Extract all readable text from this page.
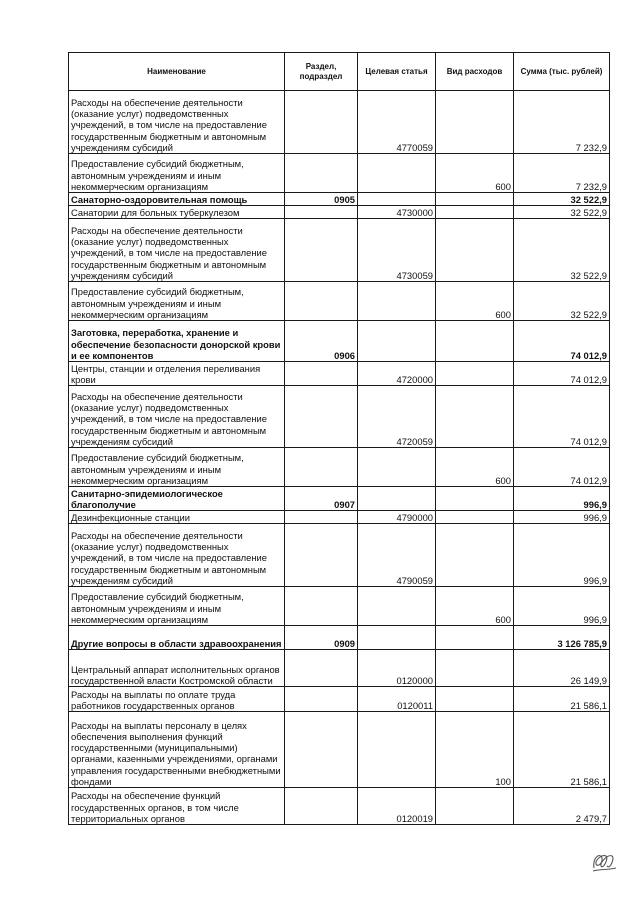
Наименование	Раздел, подраздел	Целевая статья	Вид расходов	Сумма (тыс. рублей)
Расходы на обеспечение деятельности (оказание услуг) подведомственных учреждений, в том числе на предоставление государственным бюджетным и автономным учреждениям субсидий		4770059		7 232,9
Предоставление субсидий бюджетным, автономным учреждениям и иным некоммерческим организациям			600	7 232,9
Санаторно-оздоровительная помощь	0905			32 522,9
Санатории для больных туберкулезом		4730000		32 522,9
Расходы на обеспечение деятельности (оказание услуг) подведомственных учреждений, в том числе на предоставление государственным бюджетным и автономным учреждениям субсидий		4730059		32 522,9
Предоставление субсидий бюджетным, автономным учреждениям и иным некоммерческим организациям			600	32 522,9
Заготовка, переработка, хранение и обеспечение безопасности донорской крови и ее компонентов	0906			74 012,9
Центры, станции и отделения переливания крови		4720000		74 012,9
Расходы на обеспечение деятельности (оказание услуг) подведомственных учреждений, в том числе на предоставление государственным бюджетным и автономным учреждениям субсидий		4720059		74 012,9
Предоставление субсидий бюджетным, автономным учреждениям и иным некоммерческим организациям			600	74 012,9
Санитарно-эпидемиологическое благополучие	0907			996,9
Дезинфекционные станции		4790000		996,9
Расходы на обеспечение деятельности (оказание услуг) подведомственных учреждений, в том числе на предоставление государственным бюджетным и автономным учреждениям субсидий		4790059		996,9
Предоставление субсидий бюджетным, автономным учреждениям и иным некоммерческим организациям			600	996,9
Другие вопросы в области здравоохранения	0909			3 126 785,9
Центральный аппарат исполнительных органов государственной власти Костромской области		0120000		26 149,9
Расходы на выплаты по оплате труда работников государственных органов		0120011		21 586,1
Расходы на выплаты персоналу в целях обеспечения выполнения функций государственными (муниципальными) органами, казенными учреждениями, органами управления государственными внебюджетными фондами			100	21 586,1
Расходы на обеспечение функций государственных органов, в том числе территориальных органов		0120019		2 479,7
